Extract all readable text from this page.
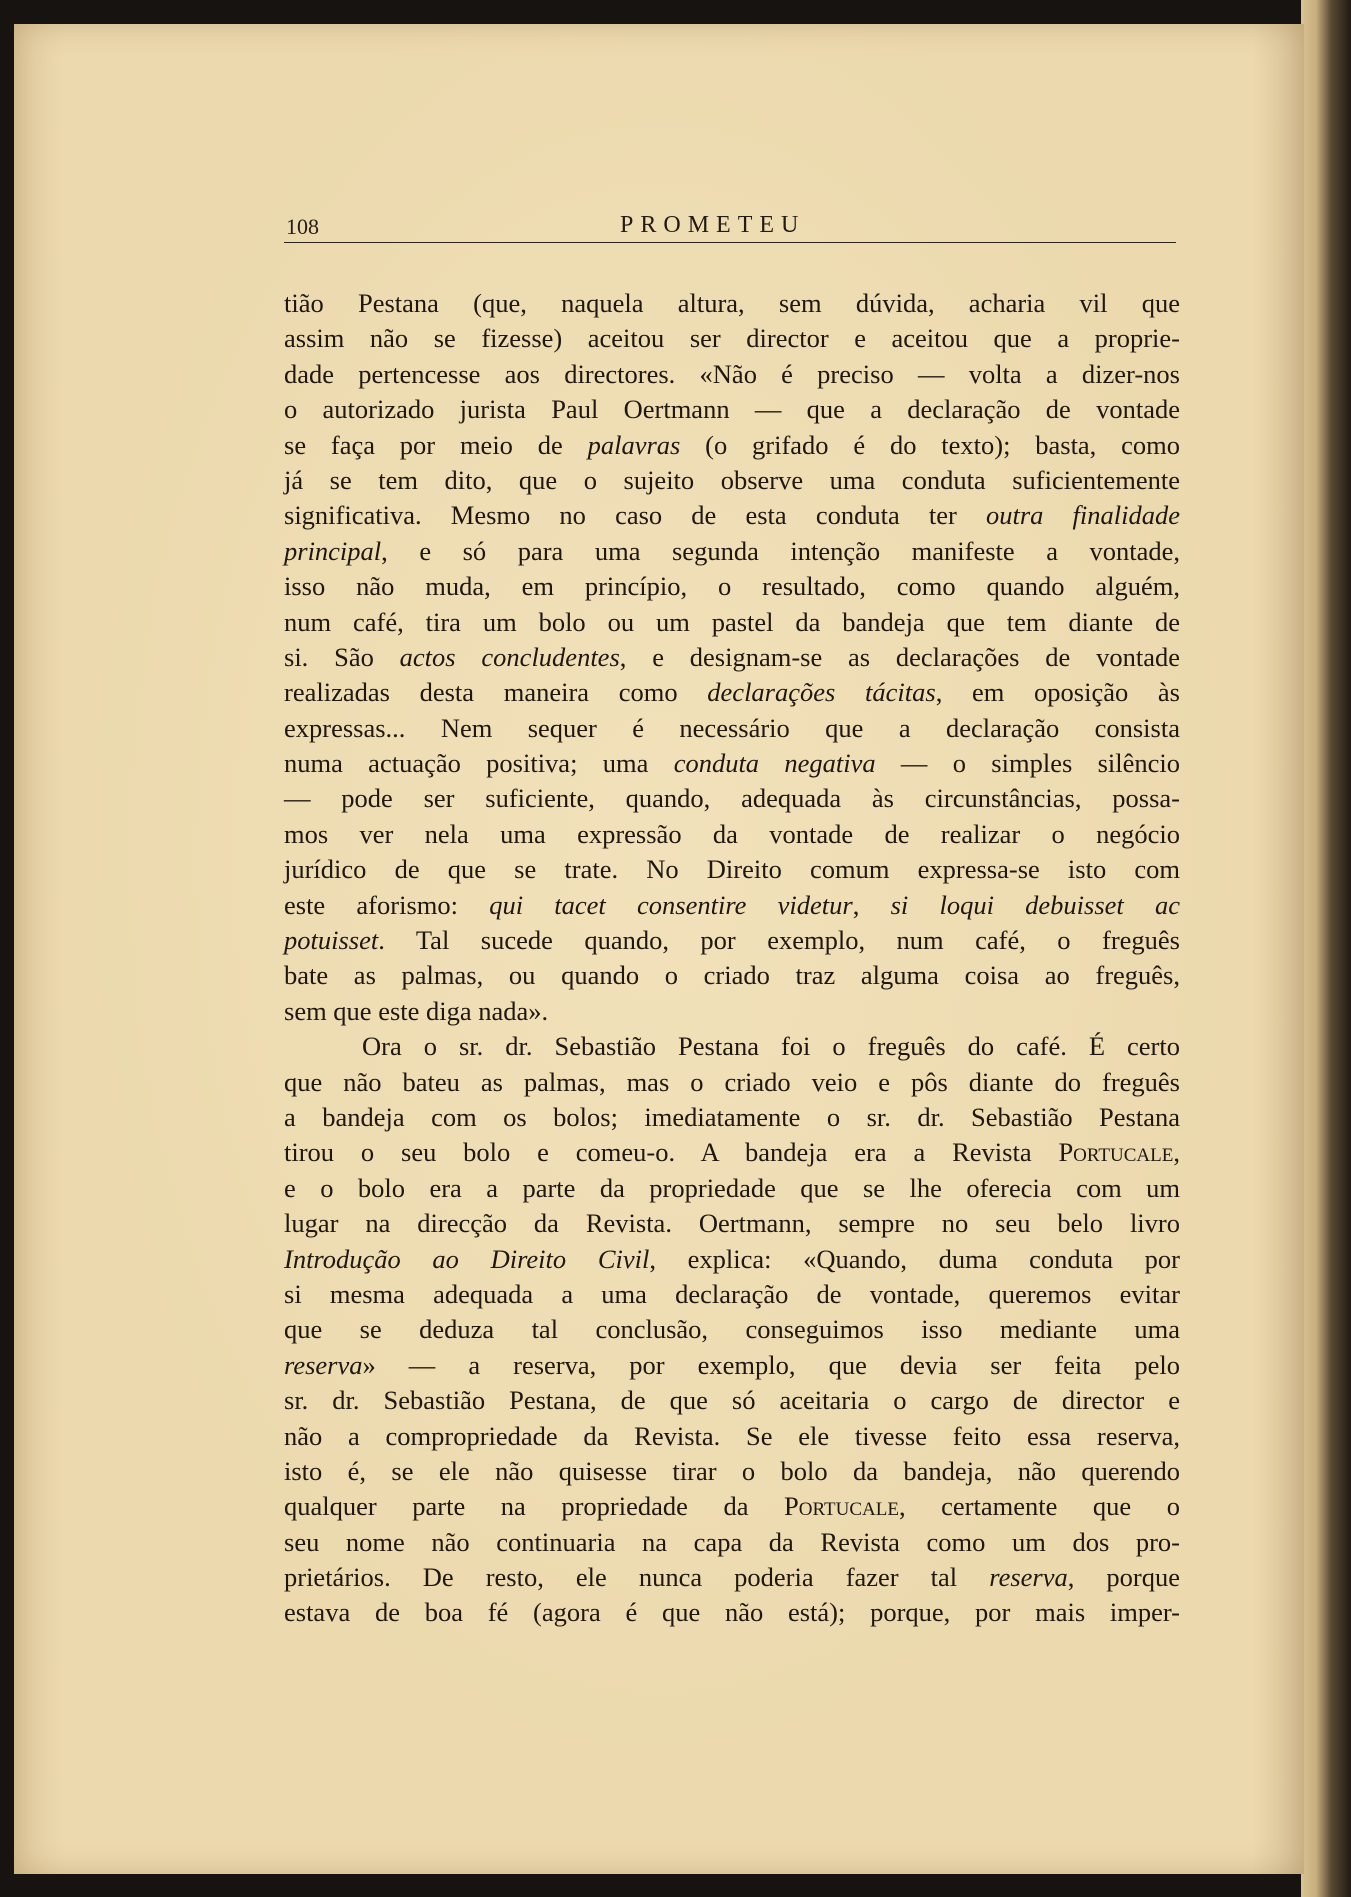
108	PROMETEU
tião Pestana (que, naquela altura, sem dúvida, acharia vil que
assim não se fizesse) aceitou ser director e aceitou que a proprie-
dade pertencesse aos directores. «Não é preciso — volta a dizer-nos
o autorizado jurista Paul Oertmann — que a declaração de vontade
se faça por meio de palavras (o grifado é do texto); basta, como
já se tem dito, que o sujeito observe uma conduta suficientemente
significativa. Mesmo no caso de esta conduta ter outra finalidade
principal, e só para uma segunda intenção manifeste a vontade,
isso não muda, em princípio, o resultado, como quando alguém,
num café, tira um bolo ou um pastel da bandeja que tem diante de
si. São actos concludentes, e designam-se as declarações de vontade
realizadas desta maneira como declarações tácitas, em oposição às
expressas... Nem sequer é necessário que a declaração consista
numa actuação positiva; uma conduta negativa — o simples silêncio
— pode ser suficiente, quando, adequada às circunstâncias, possa-
mos ver nela uma expressão da vontade de realizar o negócio
jurídico de que se trate. No Direito comum expressa-se isto com
este aforismo: qui tacet consentire videtur, si loqui debuisset ac
potuisset. Tal sucede quando, por exemplo, num café, o freguês
bate as palmas, ou quando o criado traz alguma coisa ao freguês,
sem que este diga nada».
Ora o sr. dr. Sebastião Pestana foi o freguês do café. É certo
que não bateu as palmas, mas o criado veio e pôs diante do freguês
a bandeja com os bolos; imediatamente o sr. dr. Sebastião Pestana
tirou o seu bolo e comeu-o. A bandeja era a Revista Portucale,
e o bolo era a parte da propriedade que se lhe oferecia com um
lugar na direcção da Revista. Oertmann, sempre no seu belo livro
Introdução ao Direito Civil, explica: «Quando, duma conduta por
si mesma adequada a uma declaração de vontade, queremos evitar
que se deduza tal conclusão, conseguimos isso mediante uma
reserva» — a reserva, por exemplo, que devia ser feita pelo
sr. dr. Sebastião Pestana, de que só aceitaria o cargo de director e
não a compropriedade da Revista. Se ele tivesse feito essa reserva,
isto é, se ele não quisesse tirar o bolo da bandeja, não querendo
qualquer parte na propriedade da Portucale, certamente que o
seu nome não continuaria na capa da Revista como um dos pro-
prietários. De resto, ele nunca poderia fazer tal reserva, porque
estava de boa fé (agora é que não está); porque, por mais imper-
